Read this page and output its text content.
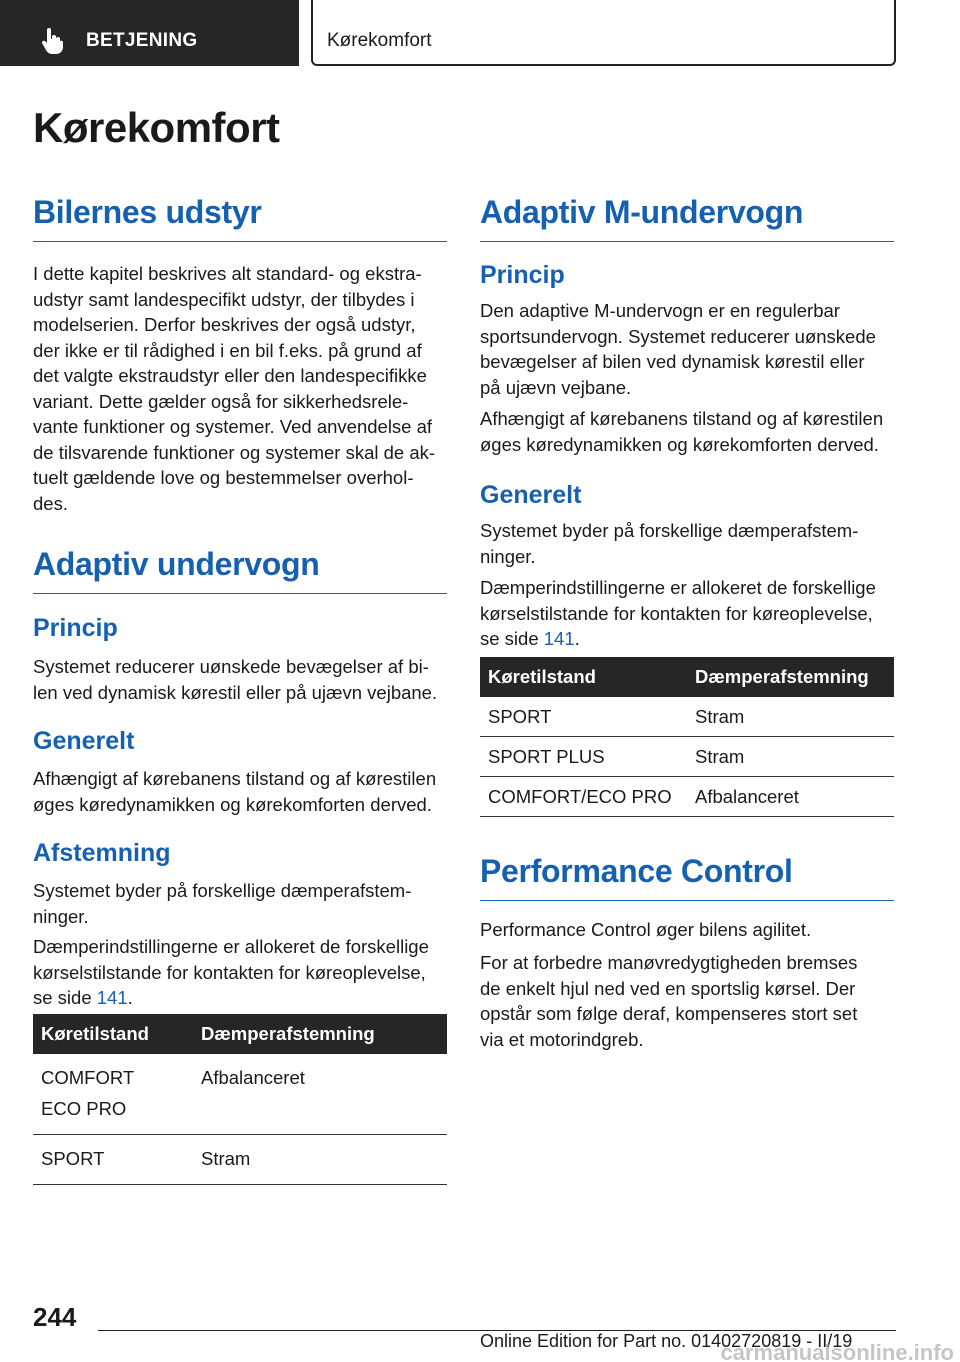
BETJENING	Kørekomfort
Kørekomfort
Bilernes udstyr
I dette kapitel beskrives alt standard- og ekstra-
udstyr samt landespecifikt udstyr, der tilbydes i
modelserien. Derfor beskrives der også udstyr,
der ikke er til rådighed i en bil f.eks. på grund af
det valgte ekstraudstyr eller den landespecifikke
variant. Dette gælder også for sikkerhedsrele-
vante funktioner og systemer. Ved anvendelse af
de tilsvarende funktioner og systemer skal de ak-
tuelt gældende love og bestemmelser overhol-
des.
Adaptiv undervogn
Princip
Systemet reducerer uønskede bevægelser af bi-
len ved dynamisk kørestil eller på ujævn vejbane.
Generelt
Afhængigt af kørebanens tilstand og af kørestilen
øges køredynamikken og kørekomforten derved.
Afstemning
Systemet byder på forskellige dæmperafstem-
ninger.
Dæmperindstillingerne er allokeret de forskellige
kørselstilstande for kontakten for køreoplevelse,
se side 141.
Køretilstand	Dæmperafstemning

COMFORT
ECO PRO	Afbalanceret
SPORT	Stram
Adaptiv M-undervogn
Princip
Den adaptive M-undervogn er en regulerbar
sportsundervogn. Systemet reducerer uønskede
bevægelser af bilen ved dynamisk kørestil eller
på ujævn vejbane.
Afhængigt af kørebanens tilstand og af kørestilen
øges køredynamikken og kørekomforten derved.
Generelt
Systemet byder på forskellige dæmperafstem-
ninger.
Dæmperindstillingerne er allokeret de forskellige
kørselstilstande for kontakten for køreoplevelse,
se side 141.
Køretilstand	Dæmperafstemning
SPORT	Stram
SPORT PLUS	Stram
COMFORT/ECO PRO	Afbalanceret
Performance Control
Performance Control øger bilens agilitet.
For at forbedre manøvredygtigheden bremses
de enkelt hjul ned ved en sportslig kørsel. Der
opstår som følge deraf, kompenseres stort set
via et motorindgreb.
244
Online Edition for Part no. 01402720819 - II/19
carmanualsonline.info
